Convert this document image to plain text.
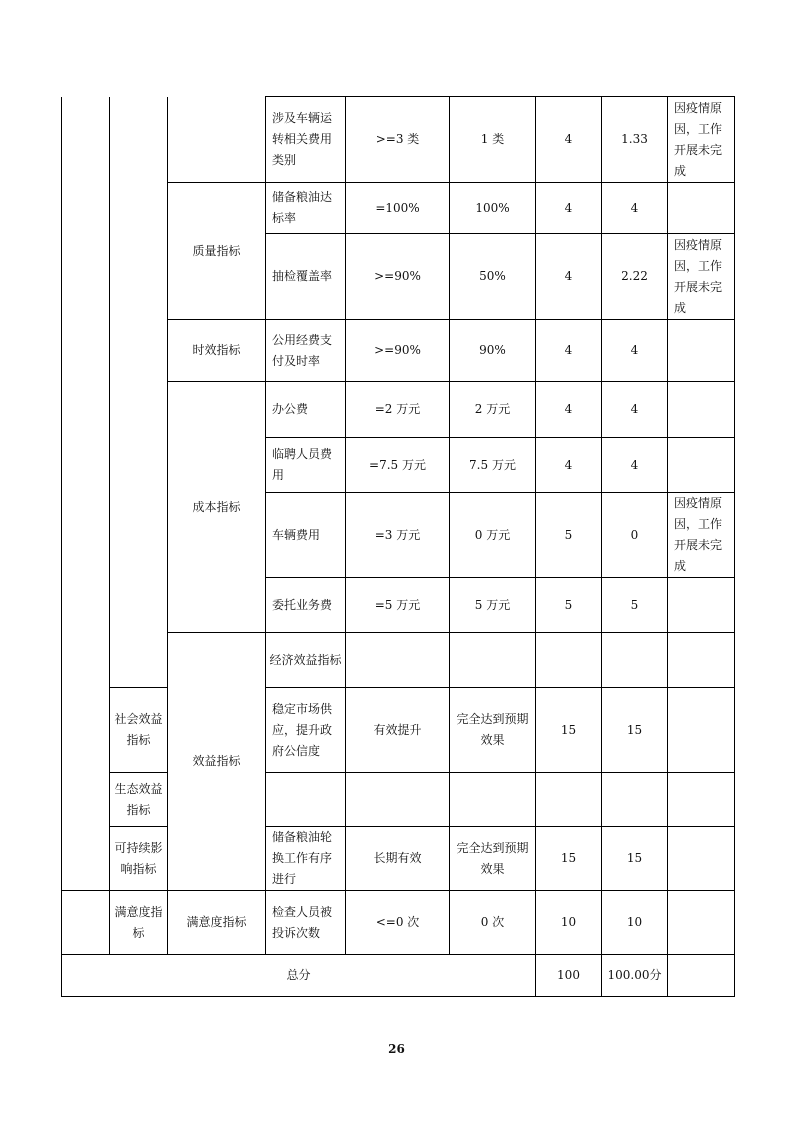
			涉及车辆运转相关费用类别	>=3 类	1 类	4	1.33	因疫情原因，工作开展未完成	
		质量指标	储备粮油达标率	=100%	100%	4	4		
			抽检覆盖率	>=90%	50%	4	2.22	因疫情原因，工作开展未完成	
		时效指标	公用经费支付及时率	>=90%	90%	4	4		
		成本指标	办公费	=2 万元	2 万元	4	4		
			临聘人员费用	=7.5 万元	7.5 万元	4	4		
			车辆费用	=3 万元	0 万元	5	0	因疫情原因，工作开展未完成	
			委托业务费	=5 万元	5 万元	5	5		
		效益指标	经济效益指标						
	社会效益指标		稳定市场供应，提升政府公信度	有效提升	完全达到预期效果	15	15		
	生态效益指标								
	可持续影响指标		储备粮油轮换工作有序进行	长期有效	完全达到预期效果	15	15		
	满意度指标	满意度指标	检查人员被投诉次数	<=0 次	0 次	10	10		
总分						100	100.00分		
26
